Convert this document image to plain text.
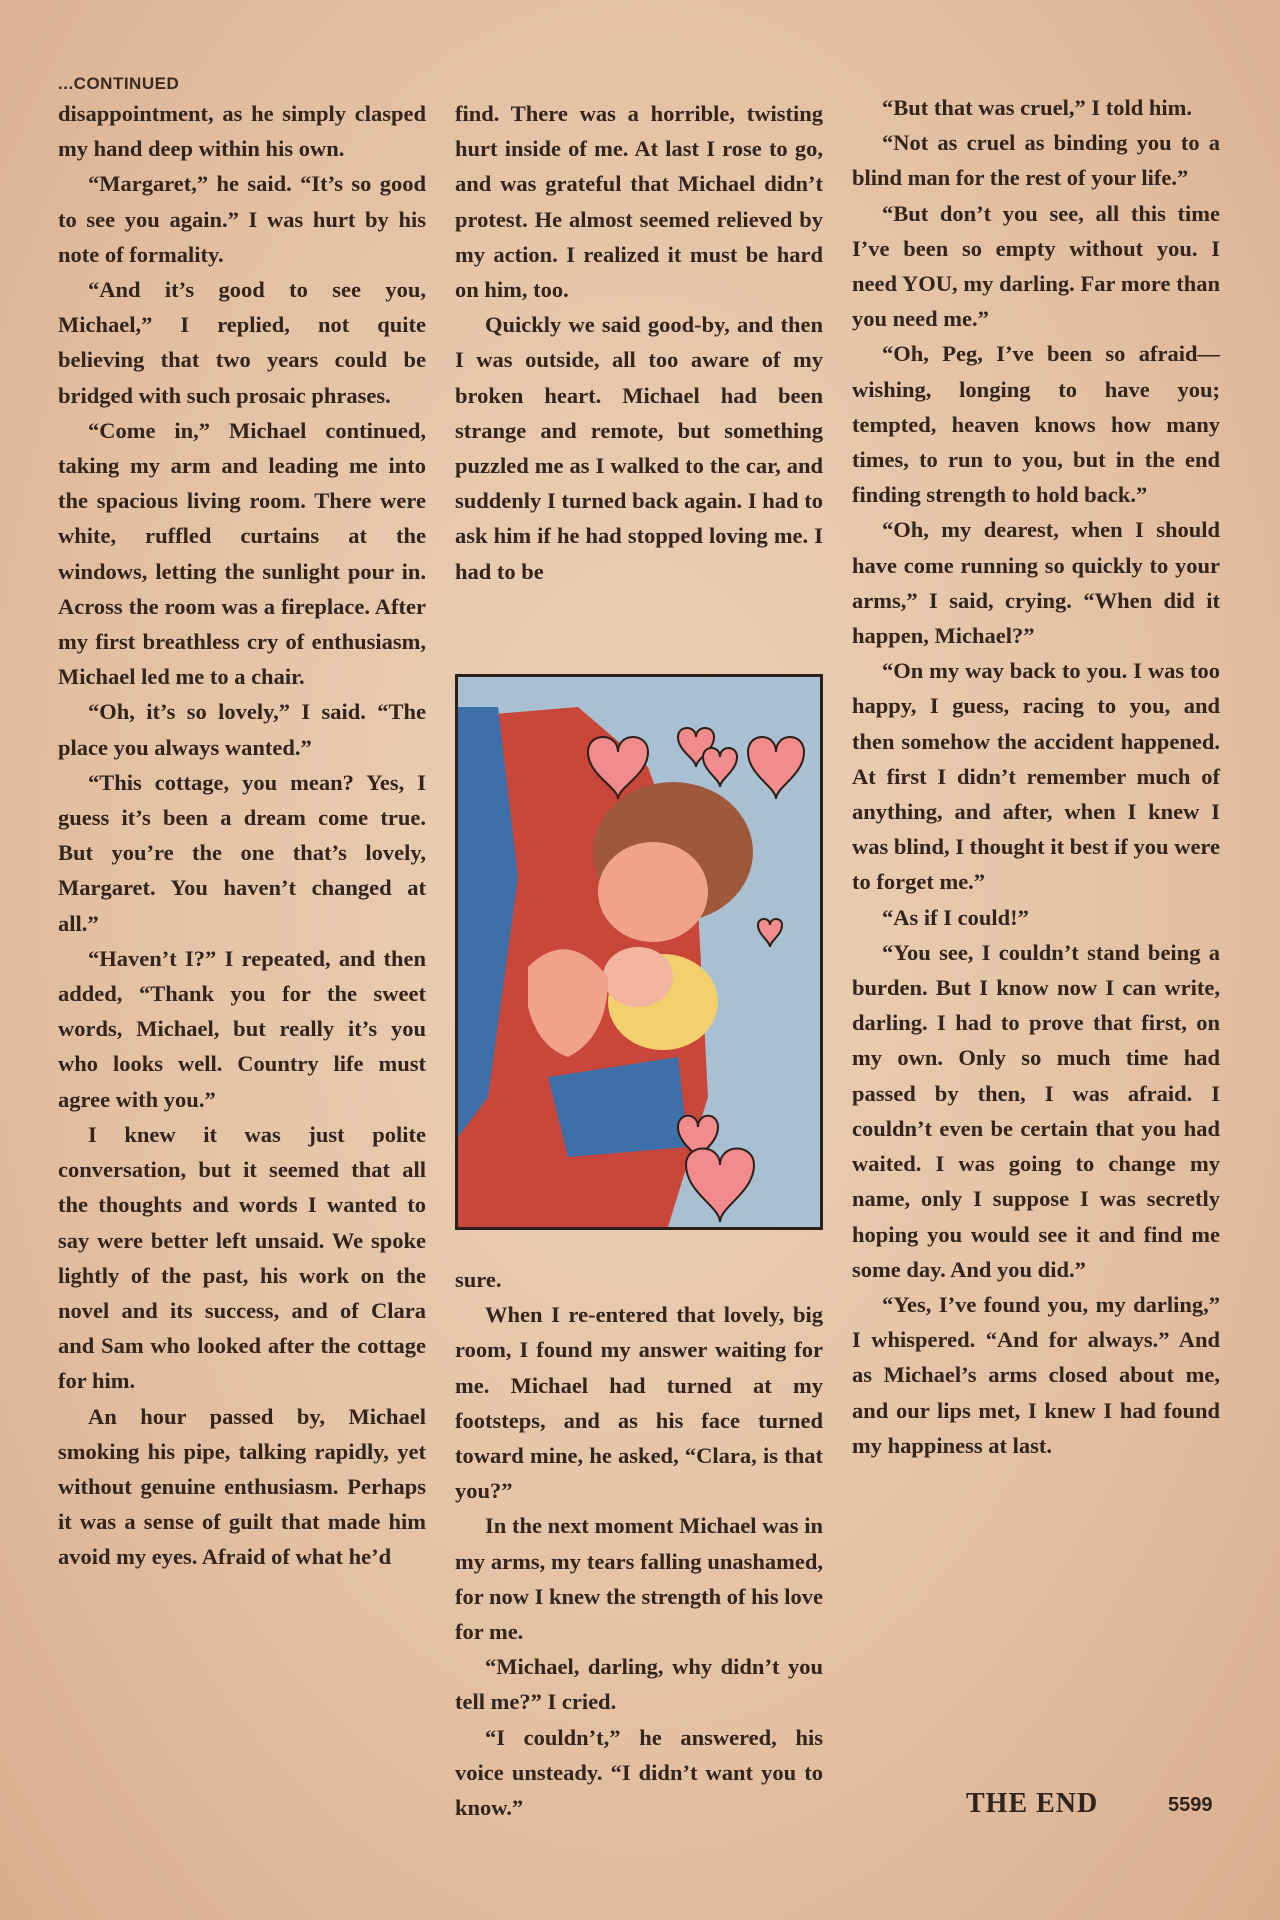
...CONTINUED

disappointment, as he simply clasped my hand deep within his own.

“Margaret,” he said. “It’s so good to see you again.” I was hurt by his note of formality.

“And it’s good to see you, Michael,” I replied, not quite believing that two years could be bridged with such prosaic phrases.

“Come in,” Michael continued, taking my arm and leading me into the spacious living room. There were white, ruffled curtains at the windows, letting the sunlight pour in. Across the room was a fireplace. After my first breathless cry of enthusiasm, Michael led me to a chair.

“Oh, it’s so lovely,” I said. “The place you always wanted.”

“This cottage, you mean? Yes, I guess it’s been a dream come true. But you’re the one that’s lovely, Margaret. You haven’t changed at all.”

“Haven’t I?” I repeated, and then added, “Thank you for the sweet words, Michael, but really it’s you who looks well. Country life must agree with you.”

I knew it was just polite conversation, but it seemed that all the thoughts and words I wanted to say were better left unsaid. We spoke lightly of the past, his work on the novel and its success, and of Clara and Sam who looked after the cottage for him.

An hour passed by, Michael smoking his pipe, talking rapidly, yet without genuine enthusiasm. Perhaps it was a sense of guilt that made him avoid my eyes. Afraid of what he’d

find. There was a horrible, twisting hurt inside of me. At last I rose to go, and was grateful that Michael didn’t protest. He almost seemed relieved by my action. I realized it must be hard on him, too.

Quickly we said good-by, and then I was outside, all too aware of my broken heart. Michael had been strange and remote, but something puzzled me as I walked to the car, and suddenly I turned back again. I had to ask him if he had stopped loving me. I had to be

sure.

When I re-entered that lovely, big room, I found my answer waiting for me. Michael had turned at my footsteps, and as his face turned toward mine, he asked, “Clara, is that you?”

In the next moment Michael was in my arms, my tears falling unashamed, for now I knew the strength of his love for me.

“Michael, darling, why didn’t you tell me?” I cried.

“I couldn’t,” he answered, his voice unsteady. “I didn’t want you to know.”

“But that was cruel,” I told him.

“Not as cruel as binding you to a blind man for the rest of your life.”

“But don’t you see, all this time I’ve been so empty without you. I need YOU, my darling. Far more than you need me.”

“Oh, Peg, I’ve been so afraid—wishing, longing to have you; tempted, heaven knows how many times, to run to you, but in the end finding strength to hold back.”

“Oh, my dearest, when I should have come running so quickly to your arms,” I said, crying. “When did it happen, Michael?”

“On my way back to you. I was too happy, I guess, racing to you, and then somehow the accident happened. At first I didn’t remember much of anything, and after, when I knew I was blind, I thought it best if you were to forget me.”

“As if I could!”

“You see, I couldn’t stand being a burden. But I know now I can write, darling. I had to prove that first, on my own. Only so much time had passed by then, I was afraid. I couldn’t even be certain that you had waited. I was going to change my name, only I suppose I was secretly hoping you would see it and find me some day. And you did.”

“Yes, I’ve found you, my darling,” I whispered. “And for always.” And as Michael’s arms closed about me, and our lips met, I knew I had found my happiness at last.

THE END	5599
